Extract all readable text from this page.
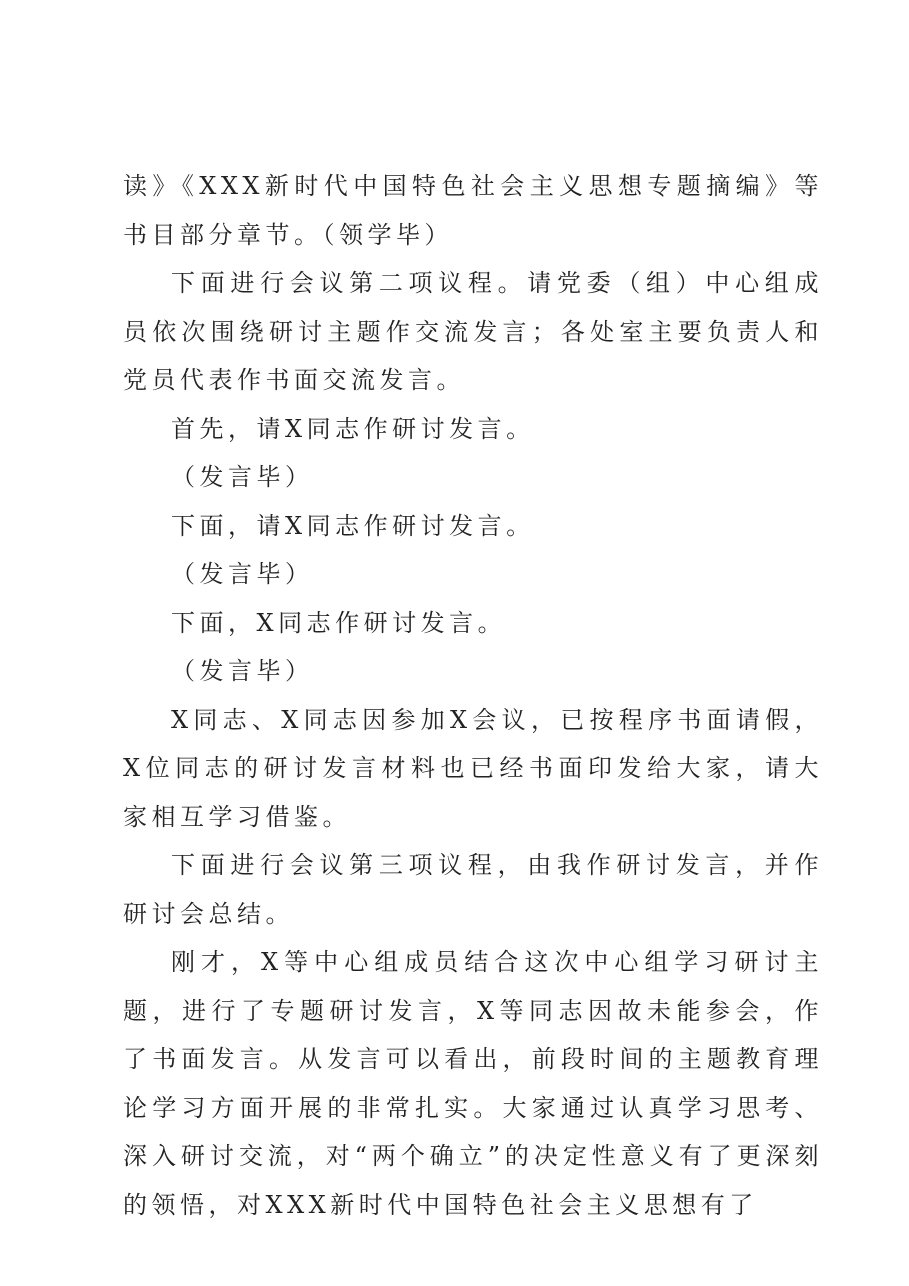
读》《XXX新时代中国特色社会主义思想专题摘编》等书目部分章节。（领学毕）

下面进行会议第二项议程。请党委（组）中心组成员依次围绕研讨主题作交流发言；各处室主要负责人和党员代表作书面交流发言。

首先，请X同志作研讨发言。

（发言毕）

下面，请X同志作研讨发言。

（发言毕）

下面，X同志作研讨发言。

（发言毕）

X同志、X同志因参加X会议，已按程序书面请假，X位同志的研讨发言材料也已经书面印发给大家，请大家相互学习借鉴。

下面进行会议第三项议程，由我作研讨发言，并作研讨会总结。

刚才，X等中心组成员结合这次中心组学习研讨主题，进行了专题研讨发言，X等同志因故未能参会，作了书面发言。从发言可以看出，前段时间的主题教育理论学习方面开展的非常扎实。大家通过认真学习思考、深入研讨交流，对“两个确立”的决定性意义有了更深刻的领悟，对XXX新时代中国特色社会主义思想有了
